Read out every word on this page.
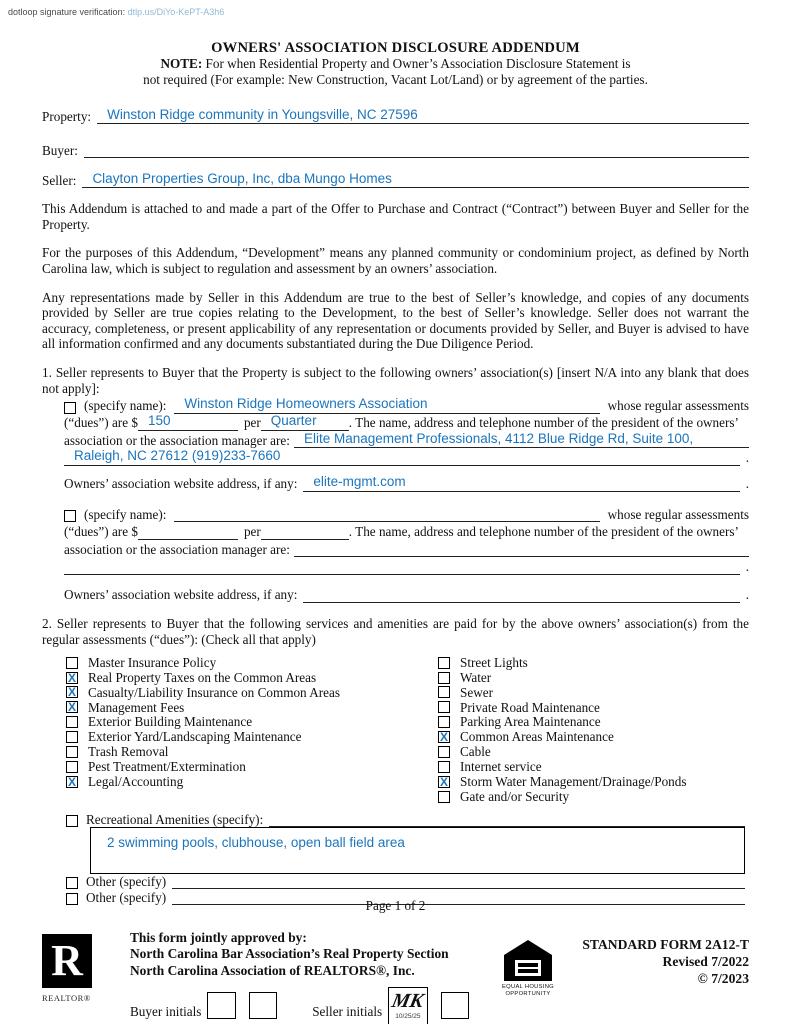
dotloop signature verification: dtlp.us/DiYo-KePT-A3h6
OWNERS' ASSOCIATION DISCLOSURE ADDENDUM
NOTE: For when Residential Property and Owner’s Association Disclosure Statement is
not required (For example: New Construction, Vacant Lot/Land) or by agreement of the parties.
Property:	Winston Ridge community in Youngsville, NC 27596
Buyer:
Seller:	Clayton Properties Group, Inc, dba Mungo Homes
This Addendum is attached to and made a part of the Offer to Purchase and Contract (“Contract”) between Buyer and Seller for the Property.
For the purposes of this Addendum, “Development” means any planned community or condominium project, as defined by North Carolina law, which is subject to regulation and assessment by an owners’ association.
Any representations made by Seller in this Addendum are true to the best of Seller’s knowledge, and copies of any documents provided by Seller are true copies relating to the Development, to the best of Seller’s knowledge. Seller does not warrant the accuracy, completeness, or present applicability of any representation or documents provided by Seller, and Buyer is advised to have all information confirmed and any documents substantiated during the Due Diligence Period.
1. Seller represents to Buyer that the Property is subject to the following owners’ association(s) [insert N/A into any blank that does not apply]:
(specify name):	Winston Ridge Homeowners Association	whose regular assessments
(“dues”) are $ 150	per Quarter . The name, address and telephone number of the president of the owners’
association or the association manager are:	Elite Management Professionals, 4112 Blue Ridge Rd, Suite 100,
Raleigh, NC 27612 (919)233-7660	.
Owners’ association website address, if any:	elite-mgmt.com	.
(specify name):	whose regular assessments
(“dues”) are $	per	. The name, address and telephone number of the president of the owners’
association or the association manager are:
.
Owners’ association website address, if any:	.
2. Seller represents to Buyer that the following services and amenities are paid for by the above owners’ association(s) from the regular assessments (“dues”): (Check all that apply)
Master Insurance Policy
X Real Property Taxes on the Common Areas
X Casualty/Liability Insurance on Common Areas
X Management Fees
Exterior Building Maintenance
Exterior Yard/Landscaping Maintenance
Trash Removal
Pest Treatment/Extermination
X Legal/Accounting
Street Lights
Water
Sewer
Private Road Maintenance
Parking Area Maintenance
X Common Areas Maintenance
Cable
Internet service
X Storm Water Management/Drainage/Ponds
Gate and/or Security
Recreational Amenities (specify):
2 swimming pools, clubhouse, open ball field area
Other (specify)
Other (specify)
Page 1 of 2
R
REALTOR®
This form jointly approved by:
North Carolina Bar Association’s Real Property Section
North Carolina Association of REALTORS®, Inc.
Buyer initials	Seller initials MK
10/25/25
EQUAL HOUSING OPPORTUNITY
STANDARD FORM 2A12-T
Revised 7/2022
© 7/2023
